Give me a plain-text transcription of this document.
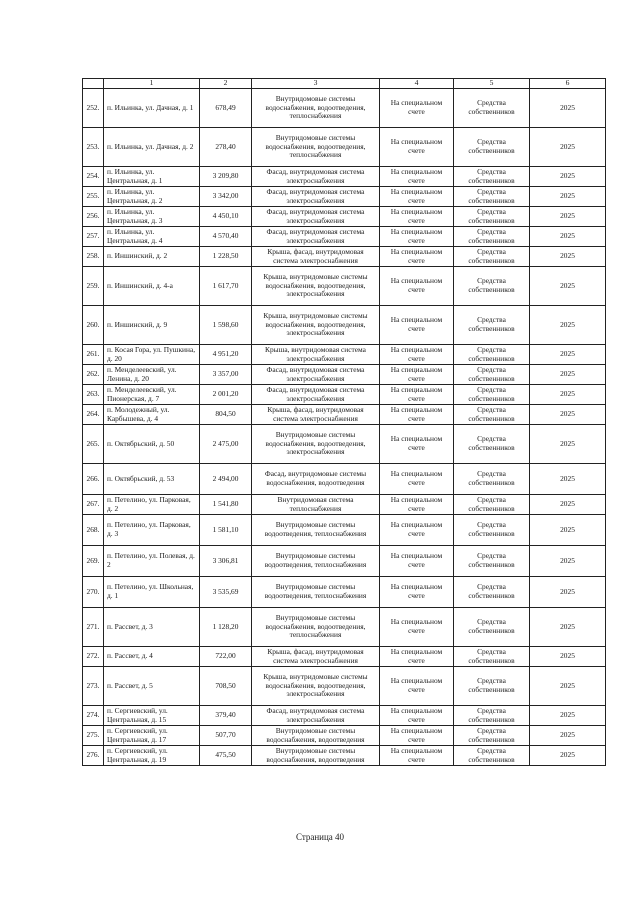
	1	2	3	4	5	6
252.	п. Ильинка, ул. Дачная, д. 1	678,49	Внутридомовые системы водоснабжения, водоотведения, теплоснабжения	На специальном счете	Средства собственников	2025
253.	п. Ильинка, ул. Дачная, д. 2	278,40	Внутридомовые системы водоснабжения, водоотведения, теплоснабжения	На специальном счете	Средства собственников	2025
254.	п. Ильинка, ул. Центральная, д. 1	3 209,80	Фасад, внутридомовая система электроснабжения	На специальном счете	Средства собственников	2025
255.	п. Ильинка, ул. Центральная, д. 2	3 342,00	Фасад, внутридомовая система электроснабжения	На специальном счете	Средства собственников	2025
256.	п. Ильинка, ул. Центральная, д. 3	4 450,10	Фасад, внутридомовая система электроснабжения	На специальном счете	Средства собственников	2025
257.	п. Ильинка, ул. Центральная, д. 4	4 570,40	Фасад, внутридомовая система электроснабжения	На специальном счете	Средства собственников	2025
258.	п. Иншинский, д. 2	1 228,50	Крыша, фасад, внутридомовая система электроснабжения	На специальном счете	Средства собственников	2025
259.	п. Иншинский, д. 4-а	1 617,70	Крыша, внутридомовые системы водоснабжения, водоотведения, электроснабжения	На специальном счете	Средства собственников	2025
260.	п. Иншинский, д. 9	1 598,60	Крыша, внутридомовые системы водоснабжения, водоотведения, электроснабжения	На специальном счете	Средства собственников	2025
261.	п. Косая Гора, ул. Пушкина, д. 20	4 951,20	Крыша, внутридомовая система электроснабжения	На специальном счете	Средства собственников	2025
262.	п. Менделеевский, ул. Ленина, д. 20	3 357,00	Фасад, внутридомовая система электроснабжения	На специальном счете	Средства собственников	2025
263.	п. Менделеевский, ул. Пионерская, д. 7	2 001,20	Фасад, внутридомовая система электроснабжения	На специальном счете	Средства собственников	2025
264.	п. Молодежный, ул. Карбышева, д. 4	804,50	Крыша, фасад, внутридомовая система электроснабжения	На специальном счете	Средства собственников	2025
265.	п. Октябрьский, д. 50	2 475,00	Внутридомовые системы водоснабжения, водоотведения, электроснабжения	На специальном счете	Средства собственников	2025
266.	п. Октябрьский, д. 53	2 494,00	Фасад, внутридомовые системы водоснабжения, водоотведения	На специальном счете	Средства собственников	2025
267.	п. Петелино, ул. Парковая, д. 2	1 541,80	Внутридомовая система теплоснабжения	На специальном счете	Средства собственников	2025
268.	п. Петелино, ул. Парковая, д. 3	1 581,10	Внутридомовые системы водоотведения, теплоснабжения	На специальном счете	Средства собственников	2025
269.	п. Петелино, ул. Полевая, д. 2	3 306,81	Внутридомовые системы водоотведения, теплоснабжения	На специальном счете	Средства собственников	2025
270.	п. Петелино, ул. Школьная, д. 1	3 535,69	Внутридомовые системы водоотведения, теплоснабжения	На специальном счете	Средства собственников	2025
271.	п. Рассвет, д. 3	1 128,20	Внутридомовые системы водоснабжения, водоотведения, теплоснабжения	На специальном счете	Средства собственников	2025
272.	п. Рассвет, д. 4	722,00	Крыша, фасад, внутридомовая система электроснабжения	На специальном счете	Средства собственников	2025
273.	п. Рассвет, д. 5	708,50	Крыша, внутридомовые системы водоснабжения, водоотведения, электроснабжения	На специальном счете	Средства собственников	2025
274.	п. Сергиевский, ул. Центральная, д. 15	379,40	Фасад, внутридомовая система электроснабжения	На специальном счете	Средства собственников	2025
275.	п. Сергиевский, ул. Центральная, д. 17	507,70	Внутридомовые системы водоснабжения, водоотведения	На специальном счете	Средства собственников	2025
276.	п. Сергиевский, ул. Центральная, д. 19	475,50	Внутридомовые системы водоснабжения, водоотведения	На специальном счете	Средства собственников	2025
Страница 40
